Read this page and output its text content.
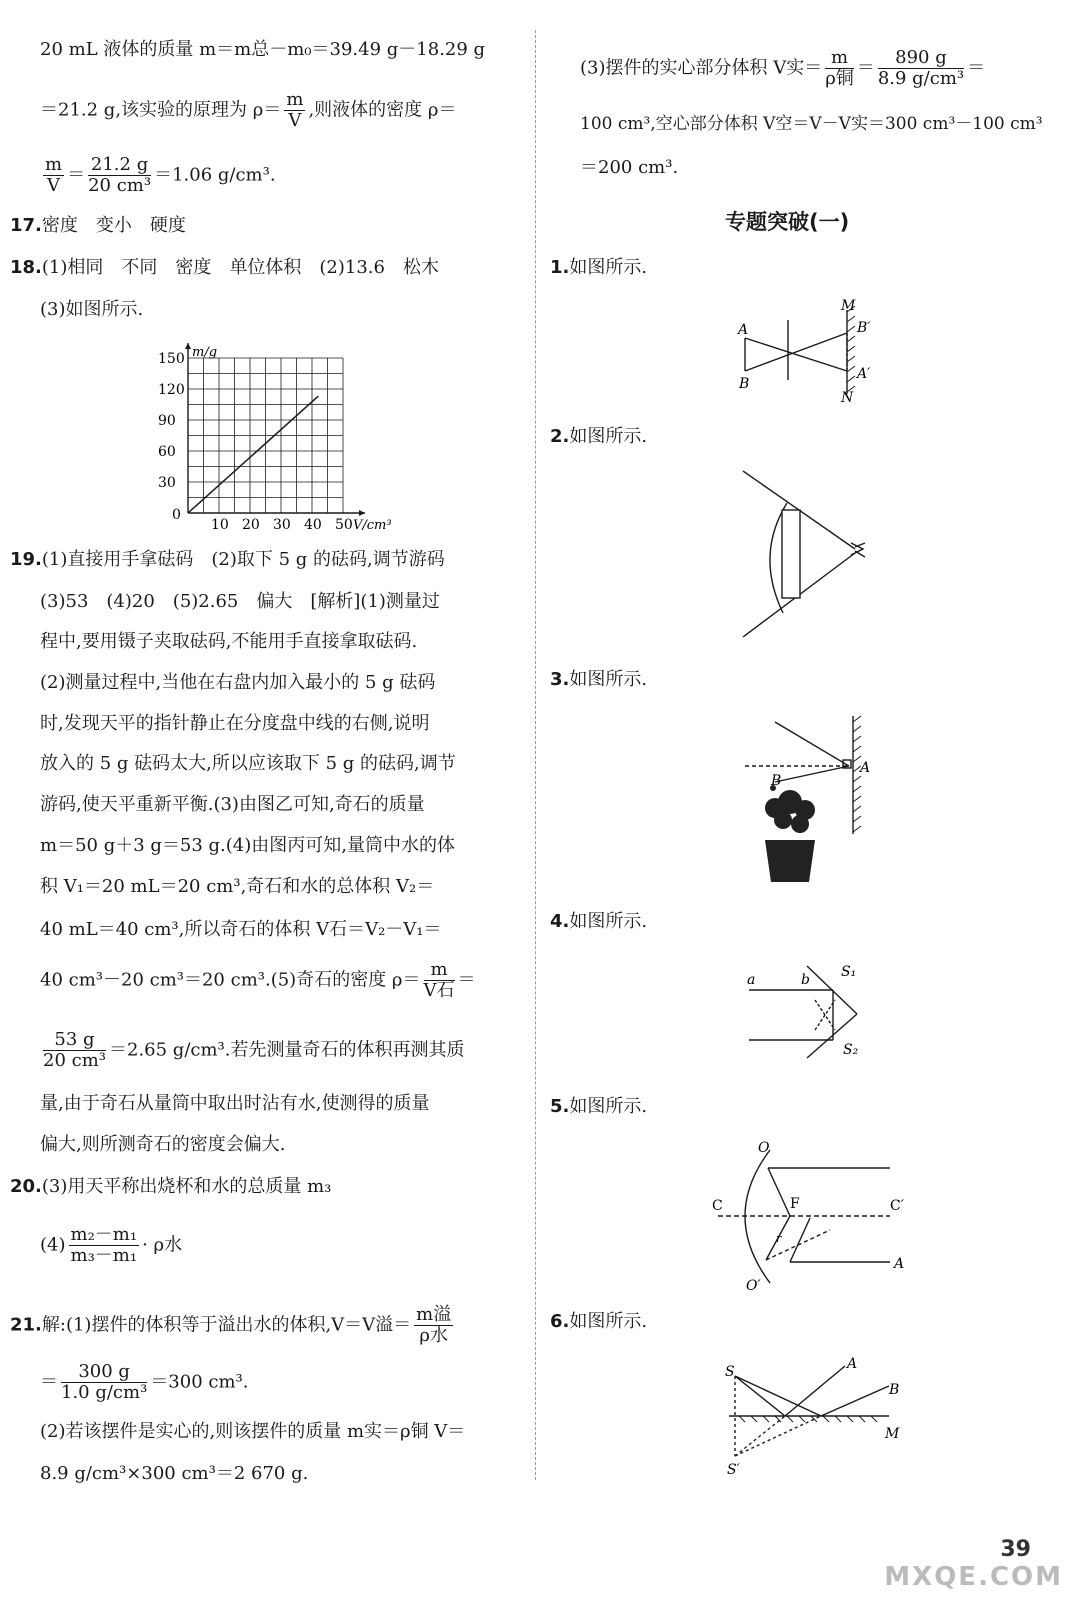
20 mL 液体的质量 m＝m总－m₀＝39.49 g－18.29 g
＝21.2 g,该实验的原理为 $\rho= \frac{m}{V}$ ,则液体的密度 ρ＝
$\frac{m}{V} = \frac{21.2 g}{\text{20 cm³}} =1.06$ g/cm³.
17.密度　变小　硬度
18.(1)相同　不同　密度　单位体积　(2)13.6　松木
(3)如图所示.
10 20 30 40 50
30
60
90
120
150 m/g
V/cm³
0
19.(1)直接用手拿砝码　(2)取下 5 g 的砝码,调节游码
(3)53　(4)20　(5)2.65　偏大　[解析](1)测量过
程中,要用镊子夹取砝码,不能用手直接拿取砝码.
(2)测量过程中,当他在右盘内加入最小的 5 g 砝码
时,发现天平的指针静止在分度盘中线的右侧,说明
放入的 5 g 砝码太大,所以应该取下 5 g 的砝码,调节
游码,使天平重新平衡.(3)由图乙可知,奇石的质量
m＝50 g＋3 g＝53 g.(4)由图丙可知,量筒中水的体
积 V₁＝20 mL＝20 cm³,奇石和水的总体积 V₂＝
40 mL＝40 cm³,所以奇石的体积 V石＝V₂－V₁＝
40 cm³－20 cm³＝20 cm³.(5)奇石的密度 $\rho= \frac{m}{\text{V石}}$ ＝
$\frac{53 g}{\text{20 cm³}} =2.65$ g/cm³.若先测量奇石的体积再测其质
量,由于奇石从量筒中取出时沾有水,使测得的质量
偏大,则所测奇石的密度会偏大.
20.(3)用天平称出烧杯和水的总质量 m₃
$(4) \frac{\text{m₂－m₁}}{\text{m₃－m₁}} \cdot \rho$水
21.解:(1)摆件的体积等于溢出水的体积,V＝V溢＝ $\frac{\text{m溢}}{\text{ρ水}}$
＝ $\frac{300 g}{\text{1.0 g/cm³}} =300$ cm³.
(2)若该摆件是实心的,则该摆件的质量 m实＝ρ铜 V＝
8.9 g/cm³×300 cm³＝2 670 g.
(3)摆件的实心部分体积 V实＝ $\frac{m}{\text{ρ铜}} = \frac{890 g}{\text{8.9 g/cm³}}$ ＝
100 cm³,空心部分体积 V空＝V－V实＝300 cm³－100 cm³
＝200 cm³.
专题突破(一)
1.如图所示.
2.如图所示.
3.如图所示.
4.如图所示.
5.如图所示.
6.如图所示.
A
B
M
N
B′
A′
A
B
a	b S₁
S₂
O
O′
C	C′
F
A
r
S
S′
A
B
M
39
MXQE.COM
